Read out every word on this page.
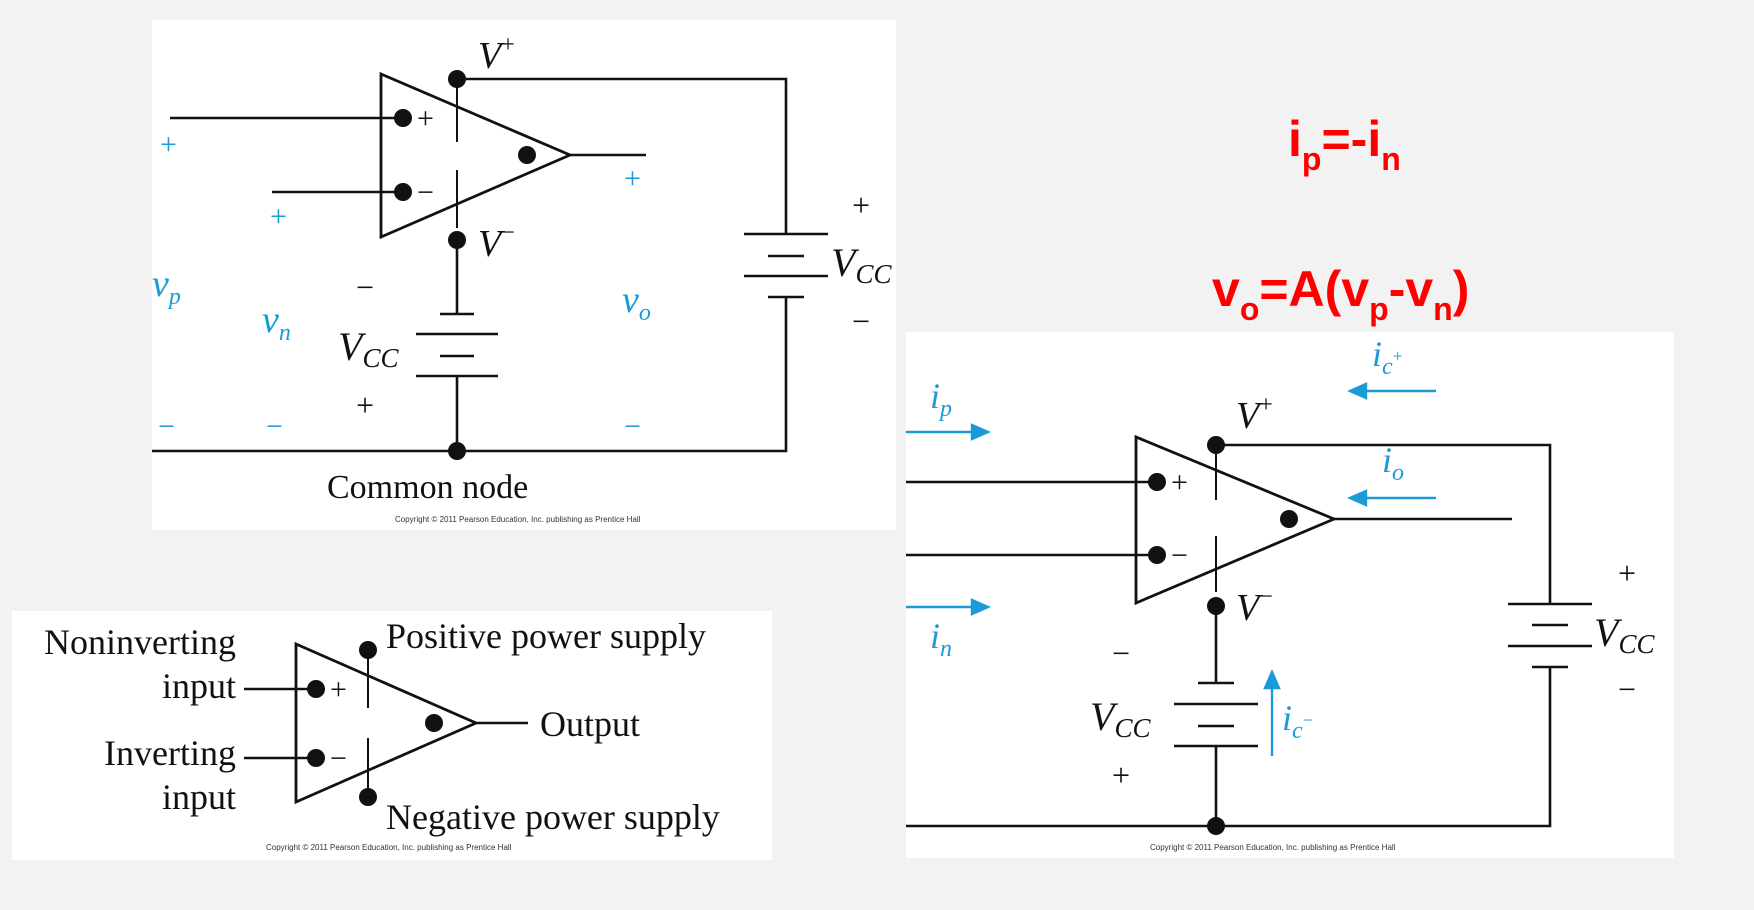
+
−
V+
V−
VCC
+
−
VCC
−
+
Common node
Copyright © 2011 Pearson Education, Inc. publishing as Prentice Hall
+
+
+
$v_p$
$v_n$
$v_o$
−	−	−
$i_p=-i_n$
$v_o=A(v_p-v_n)$
+
−
Noninverting
input
Inverting
input
Positive power supply
Negative power supply
Output
Copyright © 2011 Pearson Education, Inc. publishing as Prentice Hall
+
−
V+
V−
VCC
+
−
VCC
−
+
Copyright © 2011 Pearson Education, Inc. publishing as Prentice Hall
$i_p$
$i_n$
$i_o$
$i_c^+$
$i_c^-$
